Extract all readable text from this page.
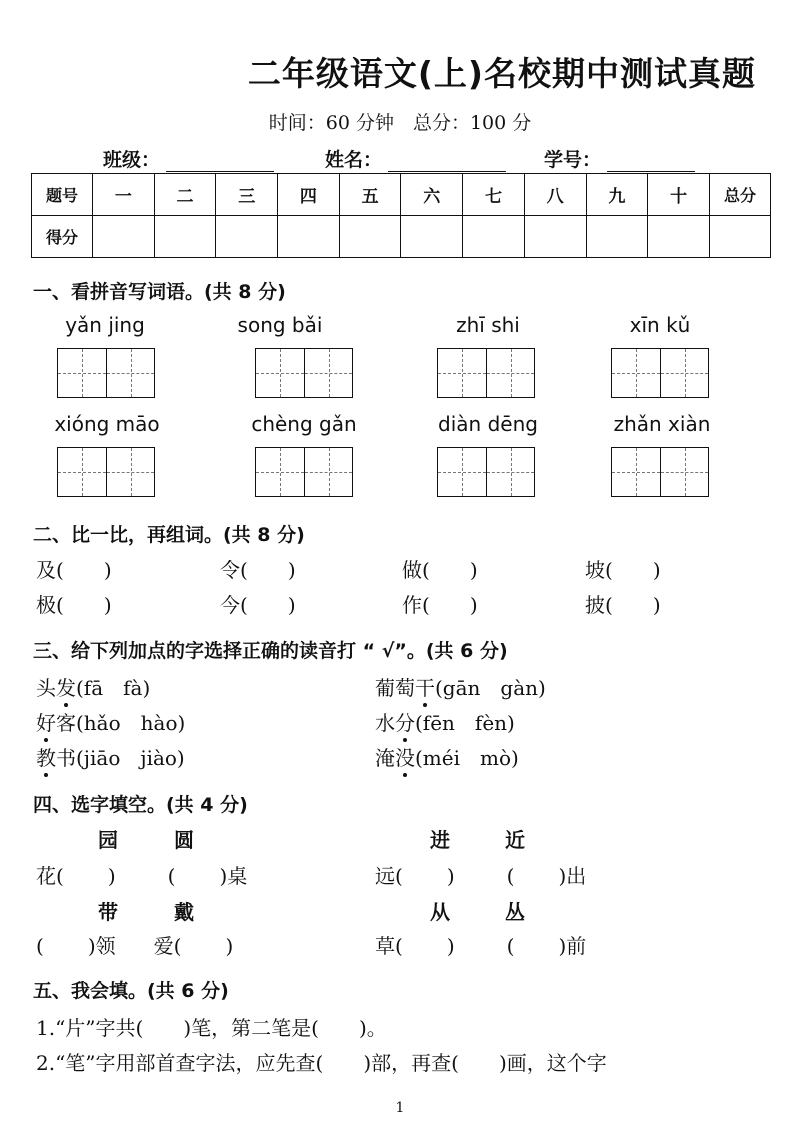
二年级语文(上)名校期中测试真题
时间：60 分钟　总分：100 分
班级：	姓名：	学号：
题号	一	二	三	四	五	六	七	八	九	十	总分
得分											
一、看拼音写词语。(共 8 分)
yǎn jing	song bǎi	zhī shi	xīn kǔ
xióng māo	chèng gǎn	diàn dēng	zhǎn xiàn
二、比一比，再组词。(共 8 分)
及( )	令( )	做( )	坡( )
极( )	今( )	作( )	披( )
三、给下列加点的字选择正确的读音打 “ √”。(共 6 分)
头发(fā　fà)	葡萄干(gān　gàn)
好客(hǎo　hào)	水分(fēn　fèn)
教书(jiāo　jiào)	淹没(méi　mò)
四、选字填空。(共 4 分)
园	圆	进	近
花( )	( )桌	远( )	( )出
带	戴	从	丛
( )领 爱( )	草( )	( )前
五、我会填。(共 6 分)
1.“片”字共(　　)笔，第二笔是(　　)。
2.“笔”字用部首查字法，应先查(　　)部，再查(　　)画，这个字
1
